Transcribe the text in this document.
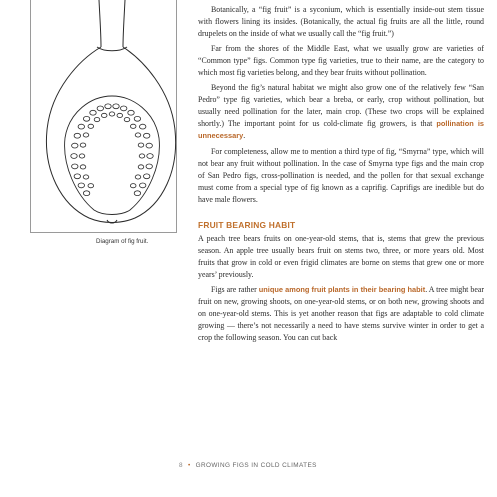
Diagram of fig fruit.

Botanically, a “fig fruit” is a syconium, which is essentially inside-out stem tissue with flowers lining its insides. (Botanically, the actual fig fruits are all the little, round drupelets on the inside of what we usually call the “fig fruit.”)

Far from the shores of the Middle East, what we usually grow are varieties of “Common type” figs. Common type fig varieties, true to their name, are the category to which most fig varieties belong, and they bear fruits without pollination.

Beyond the fig’s natural habitat we might also grow one of the relatively few “San Pedro” type fig varieties, which bear a breba, or early, crop without pollination, but usually need pollination for the later, main crop. (These two crops will be explained shortly.) The important point for us cold-climate fig growers, is that pollination is unnecessary.

For completeness, allow me to mention a third type of fig, “Smyrna” type, which will not bear any fruit without pollination. In the case of Smyrna type figs and the main crop of San Pedro figs, cross-pollination is needed, and the pollen for that sexual exchange must come from a special type of fig known as a caprifig. Caprifigs are inedible but do have male flowers.

FRUIT BEARING HABIT

A peach tree bears fruits on one-year-old stems, that is, stems that grew the previous season. An apple tree usually bears fruit on stems two, three, or more years old. Most fruits that grow in cold or even frigid climates are borne on stems that grew one or more years’ previously.

Figs are rather unique among fruit plants in their bearing habit. A tree might bear fruit on new, growing shoots, on one-year-old stems, or on both new, growing shoots and on one-year-old stems. This is yet another reason that figs are adaptable to cold climate growing — there’s not necessarily a need to have stems survive winter in order to get a crop the following season. You can cut back

8 • GROWING FIGS IN COLD CLIMATES
